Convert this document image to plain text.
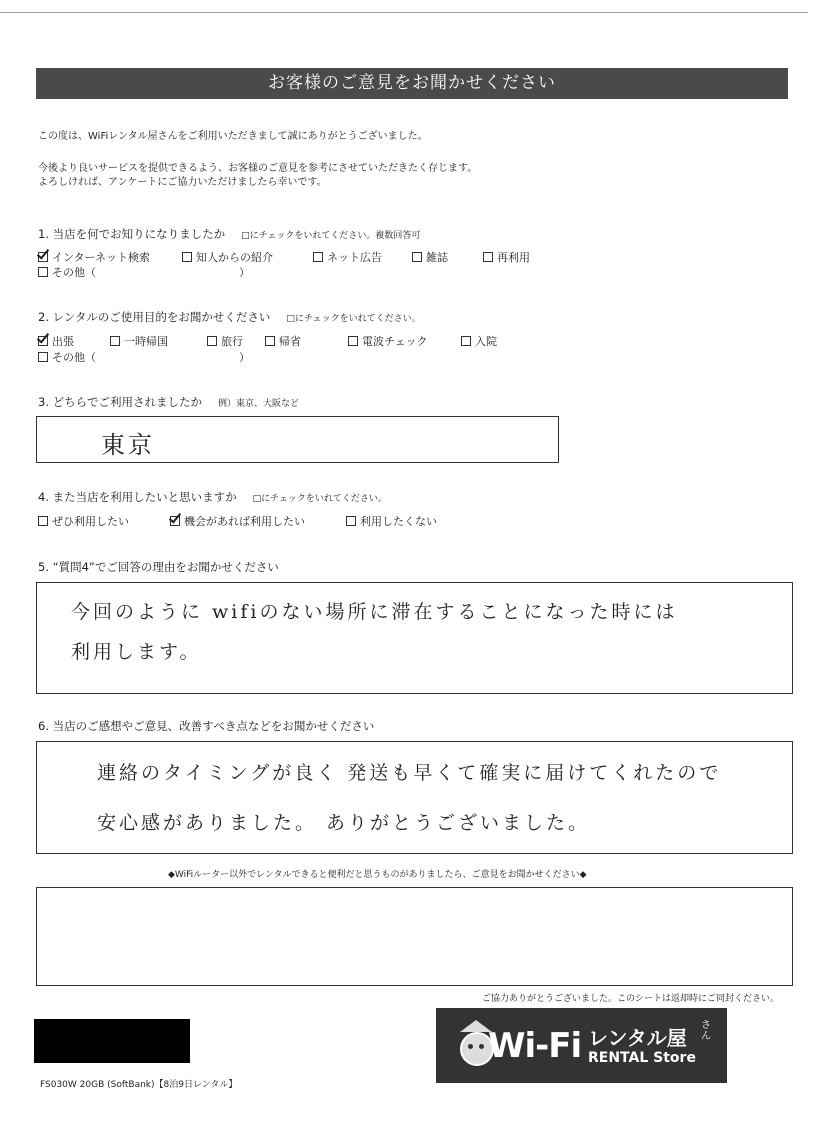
お客様のご意見をお聞かせください
この度は、WiFiレンタル屋さんをご利用いただきまして誠にありがとうございました。
今後より良いサービスを提供できるよう、お客様のご意見を参考にさせていただきたく存じます。
よろしければ、アンケートにご協力いただけましたら幸いです。
1. 当店を何でお知りになりましたか □にチェックをいれてください。複数回答可
インターネット検索	知人からの紹介	ネット広告	雑誌	再利用
その他（　　　　　　　　　　　　　）
2. レンタルのご使用目的をお聞かせください □にチェックをいれてください。
出張	一時帰国	旅行	帰省	電波チェック	入院
その他（　　　　　　　　　　　　　）
3. どちらでご利用されましたか 例）東京、大阪など
東京
4. また当店を利用したいと思いますか □にチェックをいれてください。
ぜひ利用したい	機会があれば利用したい	利用したくない
5. “質問4”でご回答の理由をお聞かせください
今回のように wifiのない場所に滞在することになった時には
利用します。
6. 当店のご感想やご意見、改善すべき点などをお聞かせください
連絡のタイミングが良く 発送も早くて確実に届けてくれたので
安心感がありました。 ありがとうございました。
◆WiFiルーター以外でレンタルできると便利だと思うものがありましたら、ご意見をお聞かせください◆
ご協力ありがとうございました。このシートは返却時にご同封ください。
Wi-Fi レンタル屋
さん
RENTAL Store
FS030W 20GB (SoftBank)【8泊9日レンタル】
